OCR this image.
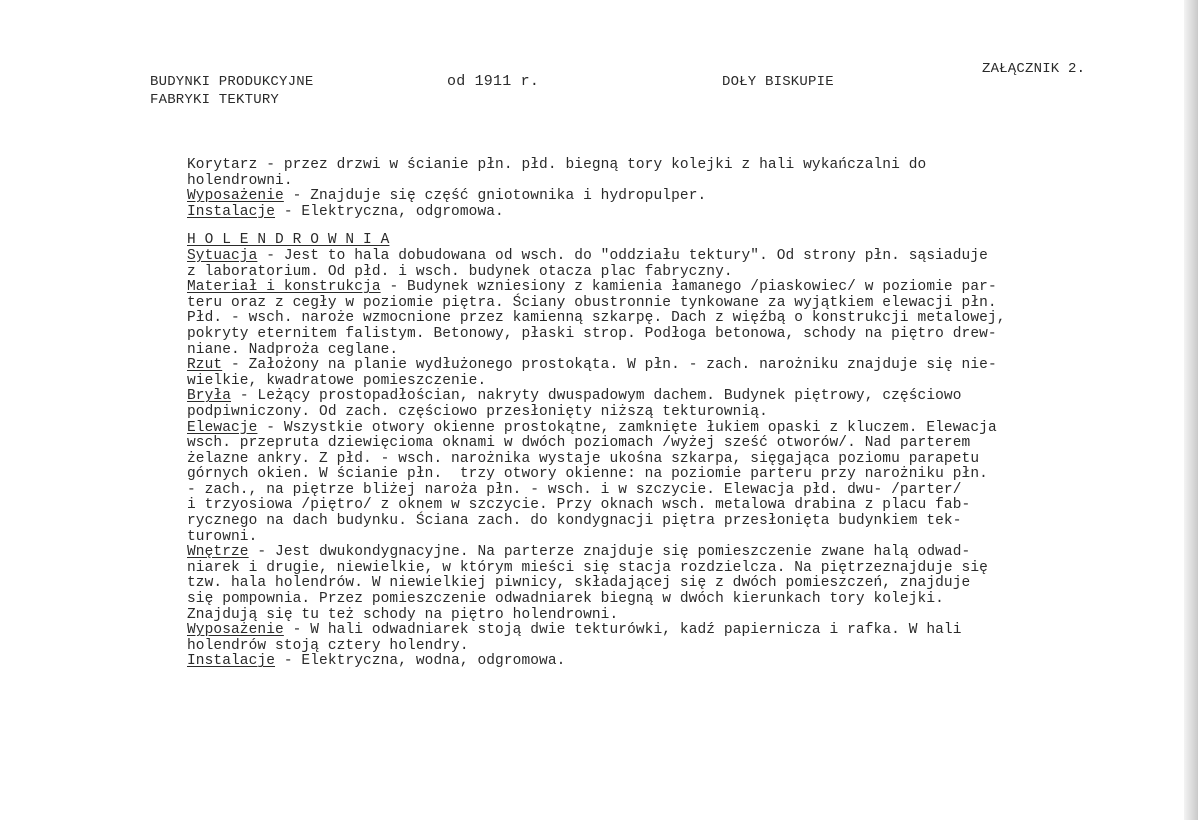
ZAŁĄCZNIK 2.
BUDYNKI PRODUKCYJNE
FABRYKI TEKTURY
od 1911 r.	DOŁY BISKUPIE
Korytarz - przez drzwi w ścianie płn. płd. biegną tory kolejki z hali wykańczalni do
holendrowni.
Wyposażenie - Znajduje się część gniotownika i hydropulper.
Instalacje - Elektryczna, odgromowa.
H O L E N D R O W N I A
Sytuacja - Jest to hala dobudowana od wsch. do "oddziału tektury". Od strony płn. sąsiaduje
z laboratorium. Od płd. i wsch. budynek otacza plac fabryczny.
Materiał i konstrukcja - Budynek wzniesiony z kamienia łamanego /piaskowiec/ w poziomie par-
teru oraz z cegły w poziomie piętra. Ściany obustronnie tynkowane za wyjątkiem elewacji płn.
Płd. - wsch. naroże wzmocnione przez kamienną szkarpę. Dach z więźbą o konstrukcji metalowej,
pokryty eternitem falistym. Betonowy, płaski strop. Podłoga betonowa, schody na piętro drew-
niane. Nadproża ceglane.
Rzut - Założony na planie wydłużonego prostokąta. W płn. - zach. narożniku znajduje się nie-
wielkie, kwadratowe pomieszczenie.
Bryła - Leżący prostopadłościan, nakryty dwuspadowym dachem. Budynek piętrowy, częściowo
podpiwniczony. Od zach. częściowo przesłonięty niższą tekturownią.
Elewacje - Wszystkie otwory okienne prostokątne, zamknięte łukiem opaski z kluczem. Elewacja
wsch. przepruta dziewięcioma oknami w dwóch poziomach /wyżej sześć otworów/. Nad parterem
żelazne ankry. Z płd. - wsch. narożnika wystaje ukośna szkarpa, sięgająca poziomu parapetu
górnych okien. W ścianie płn.  trzy otwory okienne: na poziomie parteru przy narożniku płn.
- zach., na piętrze bliżej naroża płn. - wsch. i w szczycie. Elewacja płd. dwu- /parter/
i trzyosiowa /piętro/ z oknem w szczycie. Przy oknach wsch. metalowa drabina z placu fab-
rycznego na dach budynku. Ściana zach. do kondygnacji piętra przesłonięta budynkiem tek-
turowni.
Wnętrze - Jest dwukondygnacyjne. Na parterze znajduje się pomieszczenie zwane halą odwad-
niarek i drugie, niewielkie, w którym mieści się stacja rozdzielcza. Na piętrzeznajduje się
tzw. hala holendrów. W niewielkiej piwnicy, składającej się z dwóch pomieszczeń, znajduje
się pompownia. Przez pomieszczenie odwadniarek biegną w dwóch kierunkach tory kolejki.
Znajdują się tu też schody na piętro holendrowni.
Wyposażenie - W hali odwadniarek stoją dwie tekturówki, kadź papiernicza i rafka. W hali
holendrów stoją cztery holendry.
Instalacje - Elektryczna, wodna, odgromowa.
